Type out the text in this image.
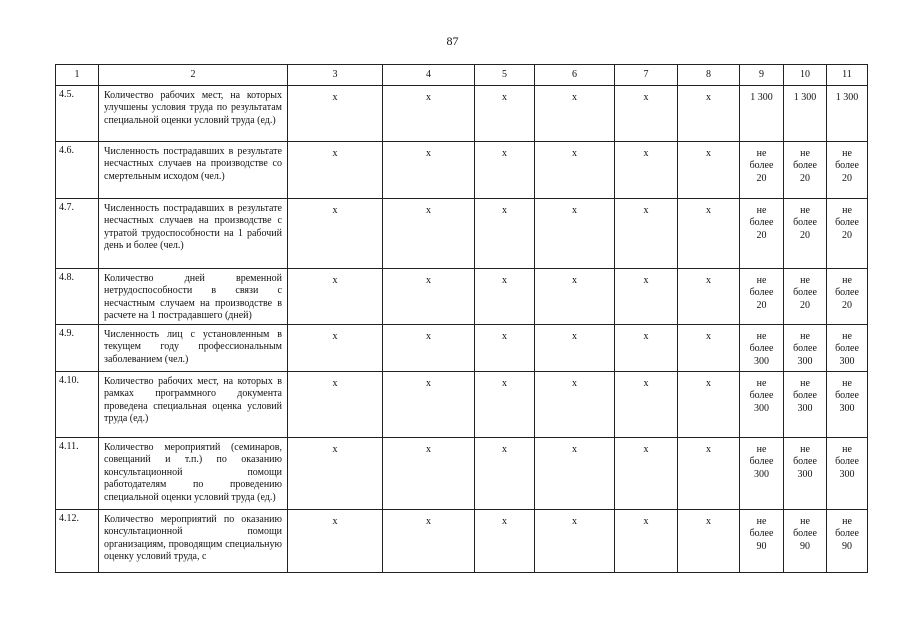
87
1	2	3	4	5	6	7	8	9	10	11
4.5.	Количество рабочих мест, на которых улучшены условия труда по результатам специальной оценки условий труда (ед.)	х	х	х	х	х	х	1 300	1 300	1 300
4.6.	Численность пострадавших в результате несчастных случаев на производстве со смертельным исходом (чел.)	х	х	х	х	х	х	не более 20	не более 20	не более 20
4.7.	Численность пострадавших в результате несчастных случаев на производстве с утратой трудоспособности на 1 рабочий день и более (чел.)	х	х	х	х	х	х	не более 20	не более 20	не более 20
4.8.	Количество дней временной нетрудоспособности в связи с несчастным случаем на производстве в расчете на 1 пострадавшего (дней)	х	х	х	х	х	х	не более 20	не более 20	не более 20
4.9.	Численность лиц с установленным в текущем году профессиональным заболеванием (чел.)	х	х	х	х	х	х	не более 300	не более 300	не более 300
4.10.	Количество рабочих мест, на которых в рамках программного документа проведена специальная оценка условий труда (ед.)	х	х	х	х	х	х	не более 300	не более 300	не более 300
4.11.	Количество мероприятий (семинаров, совещаний и т.п.) по оказанию консультационной помощи работодателям по проведению специальной оценки условий труда (ед.)	х	х	х	х	х	х	не более 300	не более 300	не более 300
4.12.	Количество мероприятий по оказанию консультационной помощи организациям, проводящим специальную оценку условий труда, с	х	х	х	х	х	х	не более 90	не более 90	не более 90
